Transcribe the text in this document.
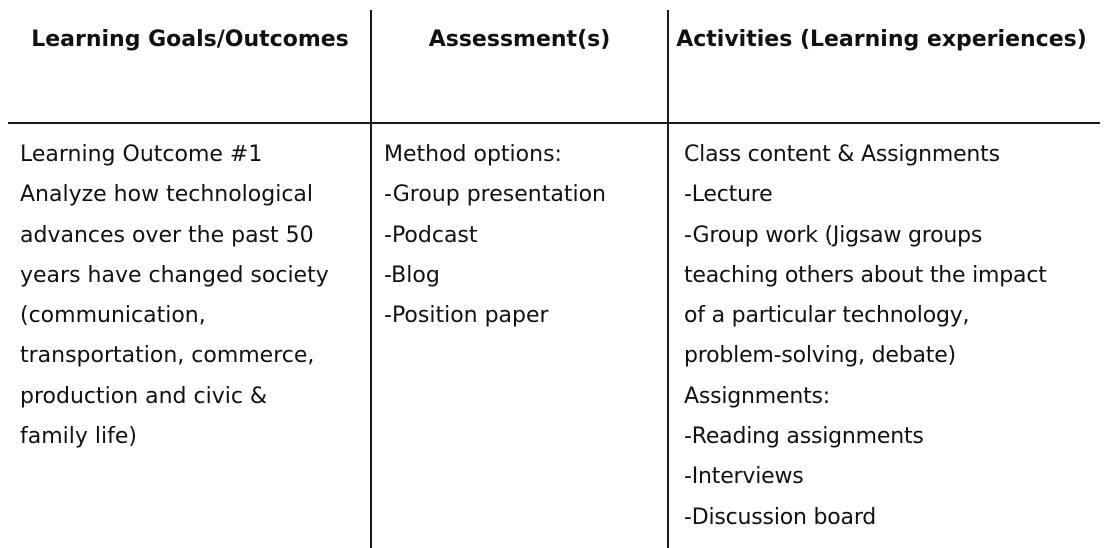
Learning Goals/Outcomes	Assessment(s)	Activities (Learning experiences)
Learning Outcome #1
Analyze how technological
advances over the past 50
years have changed society
(communication,
transportation, commerce,
production and civic &
family life)
Method options:
-Group presentation
-Podcast
-Blog
-Position paper
Class content & Assignments
-Lecture
-Group work (Jigsaw groups
teaching others about the impact
of a particular technology,
problem-solving, debate)
Assignments:
-Reading assignments
-Interviews
-Discussion board
